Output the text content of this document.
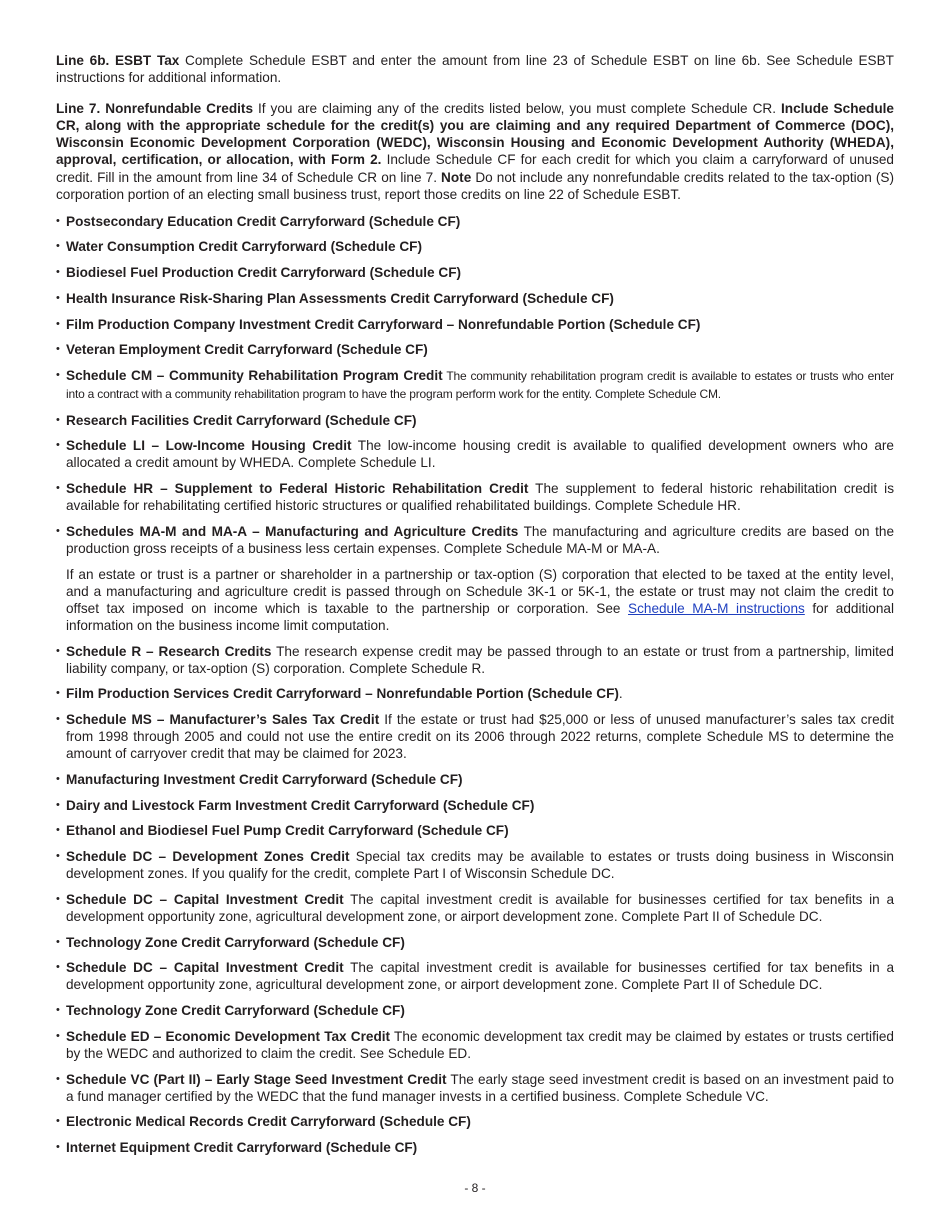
Line 6b. ESBT Tax Complete Schedule ESBT and enter the amount from line 23 of Schedule ESBT on line 6b. See Schedule ESBT instructions for additional information.

Line 7. Nonrefundable Credits If you are claiming any of the credits listed below, you must complete Schedule CR. Include Schedule CR, along with the appropriate schedule for the credit(s) you are claiming and any required Department of Commerce (DOC), Wisconsin Economic Development Corporation (WEDC), Wisconsin Housing and Economic Development Authority (WHEDA), approval, certification, or allocation, with Form 2. Include Schedule CF for each credit for which you claim a carryforward of unused credit. Fill in the amount from line 34 of Schedule CR on line 7. Note Do not include any nonrefundable credits related to the tax-option (S) corporation portion of an electing small business trust, report those credits on line 22 of Schedule ESBT.

• Postsecondary Education Credit Carryforward (Schedule CF)
• Water Consumption Credit Carryforward (Schedule CF)
• Biodiesel Fuel Production Credit Carryforward (Schedule CF)
• Health Insurance Risk-Sharing Plan Assessments Credit Carryforward (Schedule CF)
• Film Production Company Investment Credit Carryforward – Nonrefundable Portion (Schedule CF)
• Veteran Employment Credit Carryforward (Schedule CF)
• Schedule CM – Community Rehabilitation Program Credit The community rehabilitation program credit is available to estates or trusts who enter into a contract with a community rehabilitation program to have the program perform work for the entity. Complete Schedule CM.
• Research Facilities Credit Carryforward (Schedule CF)
• Schedule LI – Low-Income Housing Credit The low-income housing credit is available to qualified development owners who are allocated a credit amount by WHEDA. Complete Schedule LI.
• Schedule HR – Supplement to Federal Historic Rehabilitation Credit The supplement to federal historic rehabilitation credit is available for rehabilitating certified historic structures or qualified rehabilitated buildings. Complete Schedule HR.
• Schedules MA-M and MA-A – Manufacturing and Agriculture Credits The manufacturing and agriculture credits are based on the production gross receipts of a business less certain expenses. Complete Schedule MA-M or MA-A.
If an estate or trust is a partner or shareholder in a partnership or tax-option (S) corporation that elected to be taxed at the entity level, and a manufacturing and agriculture credit is passed through on Schedule 3K-1 or 5K-1, the estate or trust may not claim the credit to offset tax imposed on income which is taxable to the partnership or corporation. See Schedule MA-M instructions for additional information on the business income limit computation.
• Schedule R – Research Credits The research expense credit may be passed through to an estate or trust from a partnership, limited liability company, or tax-option (S) corporation. Complete Schedule R.
• Film Production Services Credit Carryforward – Nonrefundable Portion (Schedule CF).
• Schedule MS – Manufacturer’s Sales Tax Credit If the estate or trust had $25,000 or less of unused manufacturer’s sales tax credit from 1998 through 2005 and could not use the entire credit on its 2006 through 2022 returns, complete Schedule MS to determine the amount of carryover credit that may be claimed for 2023.
• Manufacturing Investment Credit Carryforward (Schedule CF)
• Dairy and Livestock Farm Investment Credit Carryforward (Schedule CF)
• Ethanol and Biodiesel Fuel Pump Credit Carryforward (Schedule CF)
• Schedule DC – Development Zones Credit Special tax credits may be available to estates or trusts doing business in Wisconsin development zones. If you qualify for the credit, complete Part I of Wisconsin Schedule DC.
• Schedule DC – Capital Investment Credit The capital investment credit is available for businesses certified for tax benefits in a development opportunity zone, agricultural development zone, or airport development zone. Complete Part II of Schedule DC.
• Technology Zone Credit Carryforward (Schedule CF)
• Schedule DC – Capital Investment Credit The capital investment credit is available for businesses certified for tax benefits in a development opportunity zone, agricultural development zone, or airport development zone. Complete Part II of Schedule DC.
• Technology Zone Credit Carryforward (Schedule CF)
• Schedule ED – Economic Development Tax Credit The economic development tax credit may be claimed by estates or trusts certified by the WEDC and authorized to claim the credit. See Schedule ED.
• Schedule VC (Part II) – Early Stage Seed Investment Credit The early stage seed investment credit is based on an investment paid to a fund manager certified by the WEDC that the fund manager invests in a certified business. Complete Schedule VC.
• Electronic Medical Records Credit Carryforward (Schedule CF)
• Internet Equipment Credit Carryforward (Schedule CF)
- 8 -
